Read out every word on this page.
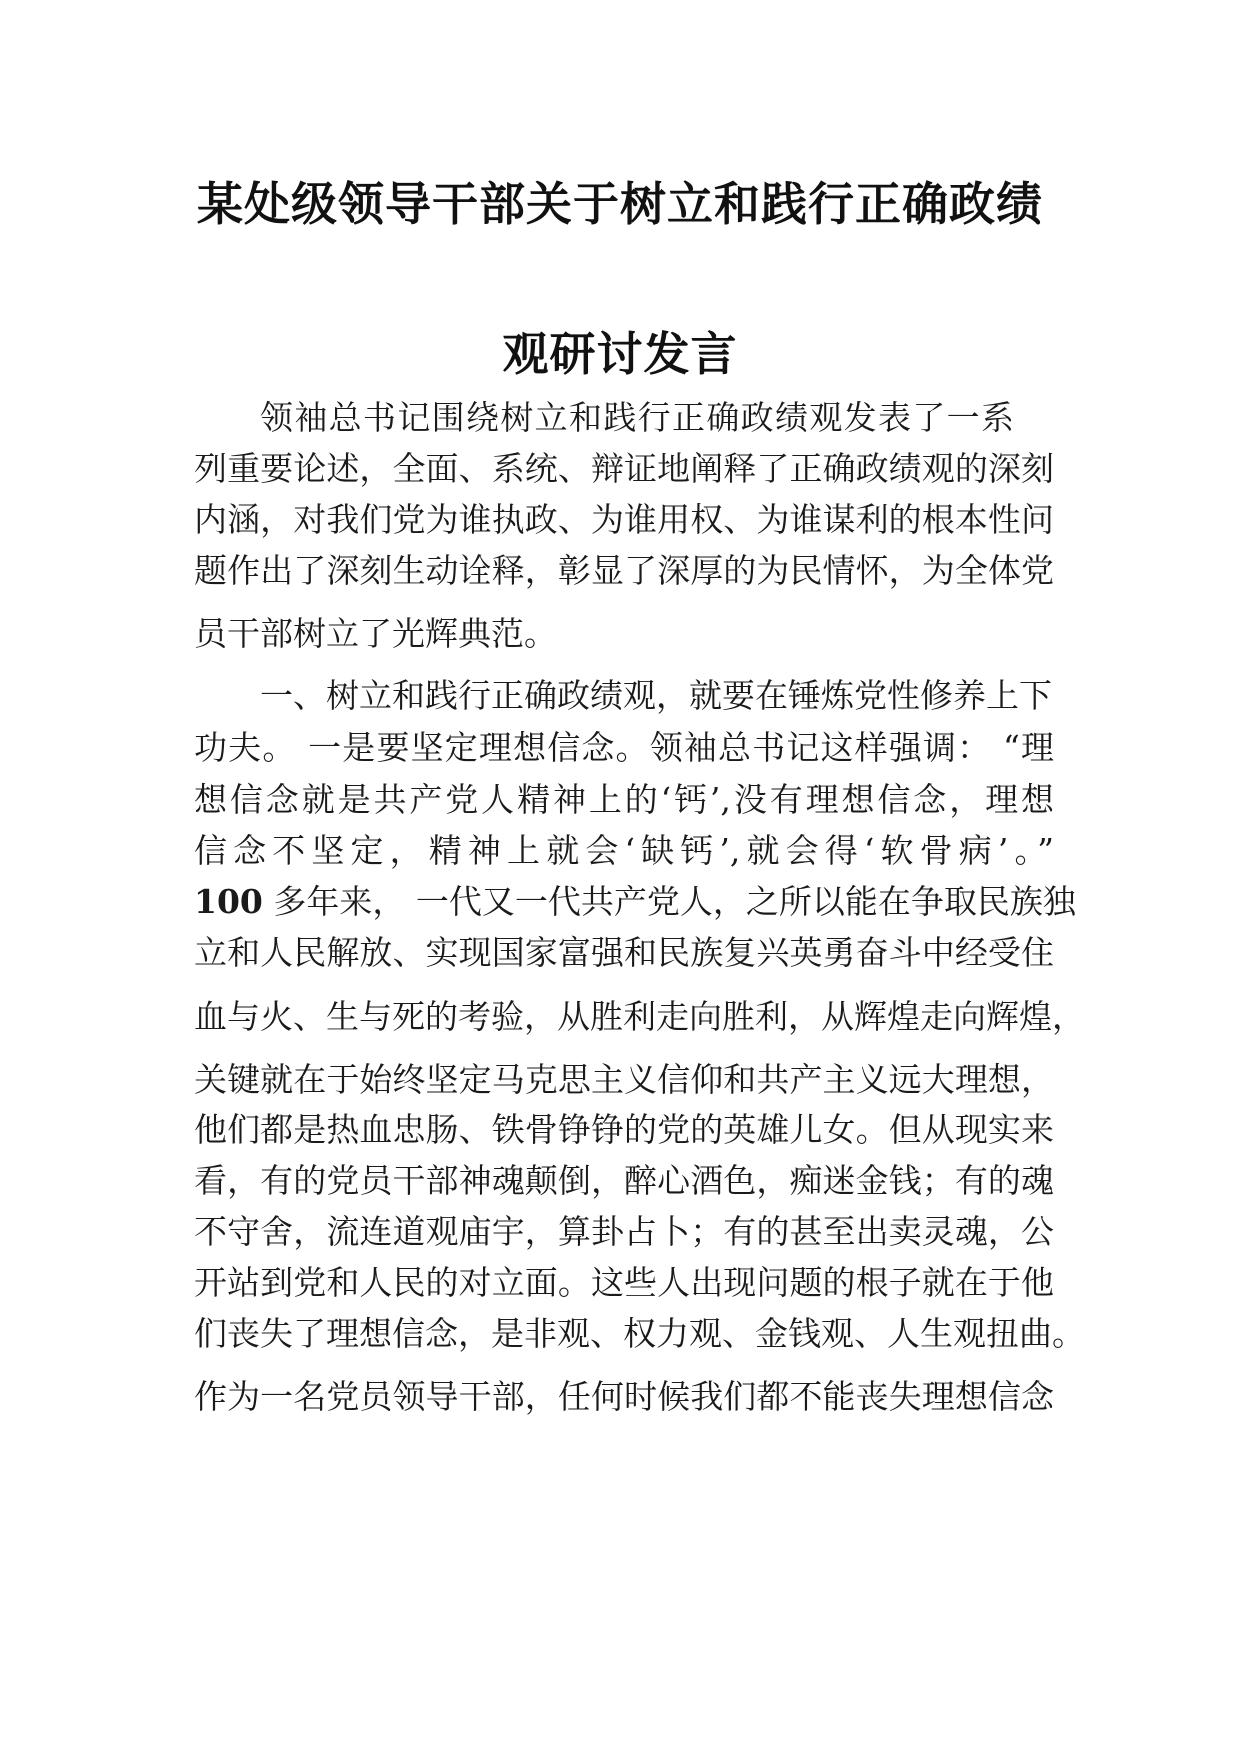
某处级领导干部关于树立和践行正确政绩
观研讨发言
领袖总书记围绕树立和践行正确政绩观发表了一系
列重要论述，全面、系统、辩证地阐释了正确政绩观的深刻
内涵，对我们党为谁执政、为谁用权、为谁谋利的根本性问
题作出了深刻生动诠释，彰显了深厚的为民情怀，为全体党
员干部树立了光辉典范。
一、树立和践行正确政绩观，就要在锤炼党性修养上下
功夫。 一是要坚定理想信念。领袖总书记这样强调： “理
想信念就是共产党人精神上的‘钙’,没有理想信念，理想
信念不坚定，精神上就会‘缺钙’,就会得‘软骨病’。”
100 多年来， 一代又一代共产党人，之所以能在争取民族独
立和人民解放、实现国家富强和民族复兴英勇奋斗中经受住
血与火、生与死的考验，从胜利走向胜利，从辉煌走向辉煌，
关键就在于始终坚定马克思主义信仰和共产主义远大理想，
他们都是热血忠肠、铁骨铮铮的党的英雄儿女。但从现实来
看，有的党员干部神魂颠倒，醉心酒色，痴迷金钱；有的魂
不守舍，流连道观庙宇，算卦占卜；有的甚至出卖灵魂，公
开站到党和人民的对立面。这些人出现问题的根子就在于他
们丧失了理想信念，是非观、权力观、金钱观、人生观扭曲。
作为一名党员领导干部，任何时候我们都不能丧失理想信念
